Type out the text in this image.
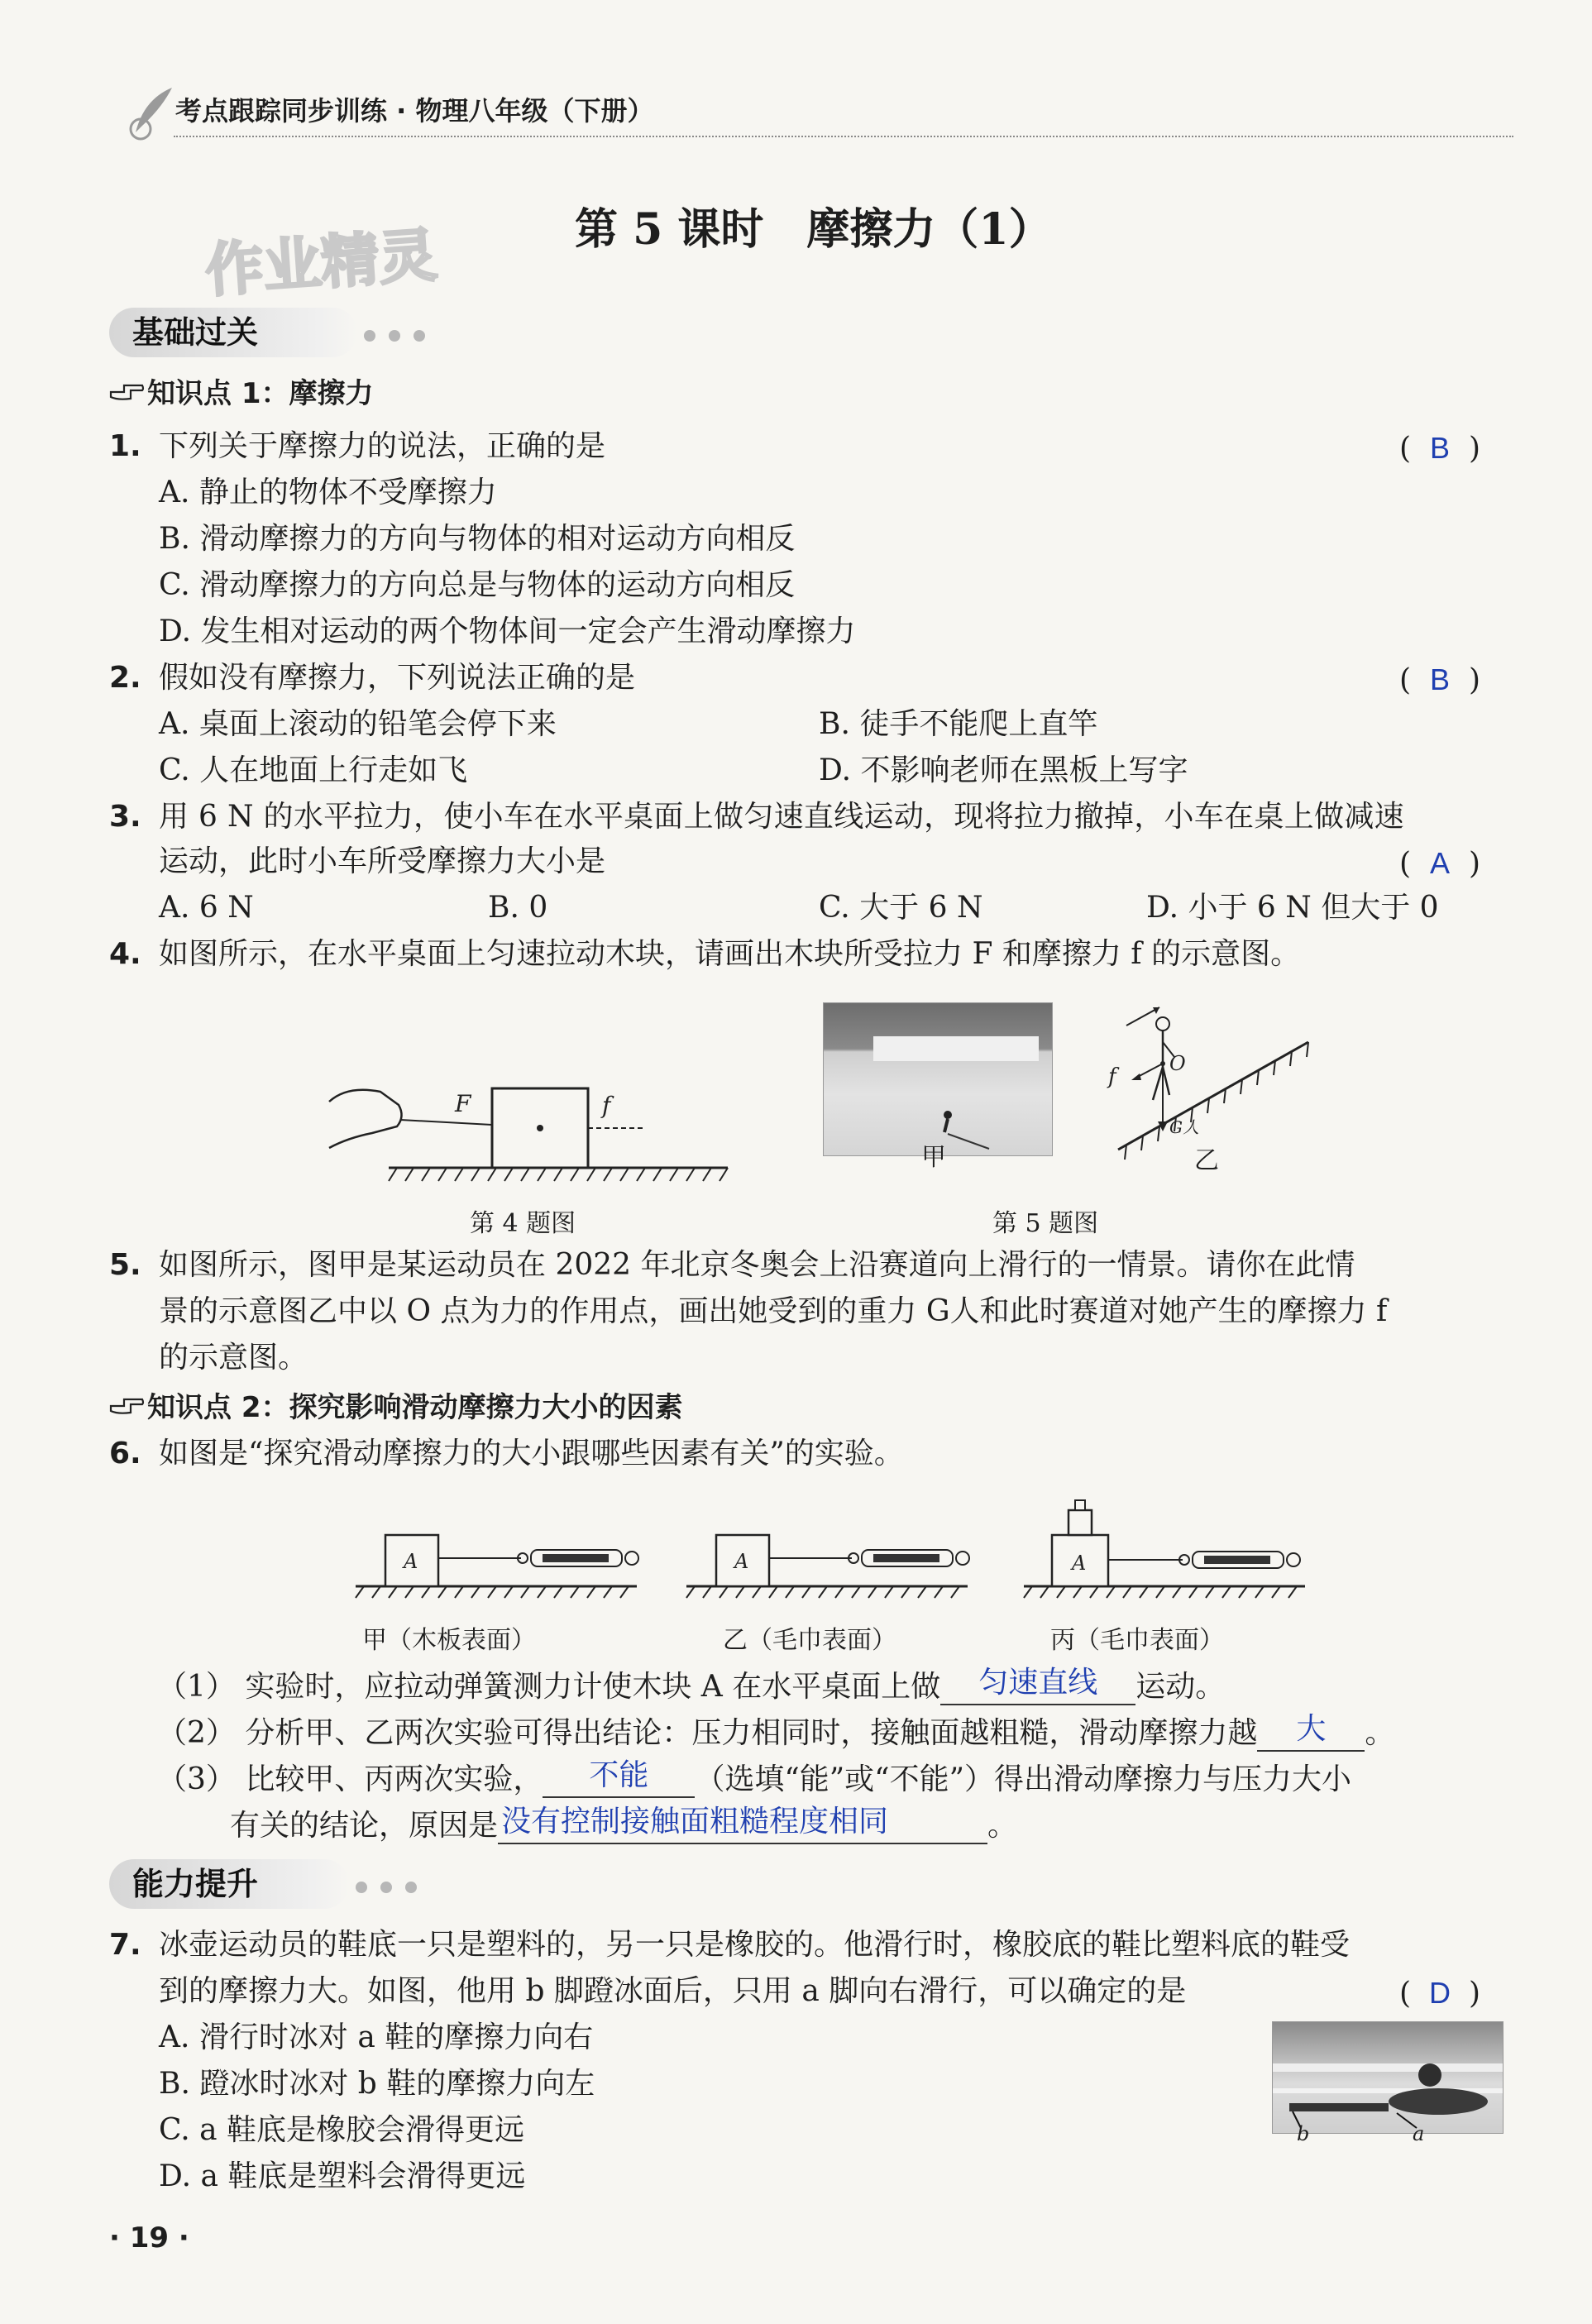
考点跟踪同步训练 · 物理八年级（下册）
作业精灵	第 5 课时　摩擦力（1）
基础过关
知识点 1：摩擦力
1. 下列关于摩擦力的说法，正确的是	( B )
A. 静止的物体不受摩擦力
B. 滑动摩擦力的方向与物体的相对运动方向相反
C. 滑动摩擦力的方向总是与物体的运动方向相反
D. 发生相对运动的两个物体间一定会产生滑动摩擦力
2. 假如没有摩擦力，下列说法正确的是	( B )
A. 桌面上滚动的铅笔会停下来	B. 徒手不能爬上直竿
C. 人在地面上行走如飞	D. 不影响老师在黑板上写字
3. 用 6 N 的水平拉力，使小车在水平桌面上做匀速直线运动，现将拉力撤掉，小车在桌上做减速
运动，此时小车所受摩擦力大小是	( A )
A. 6 N	B. 0	C. 大于 6 N	D. 小于 6 N 但大于 0
4. 如图所示，在水平桌面上匀速拉动木块，请画出木块所受拉力 F 和摩擦力 f 的示意图。
F	f
第 4 题图
甲
O
f
G人
乙
第 5 题图
5. 如图所示，图甲是某运动员在 2022 年北京冬奥会上沿赛道向上滑行的一情景。请你在此情
景的示意图乙中以 O 点为力的作用点，画出她受到的重力 G人和此时赛道对她产生的摩擦力 f
的示意图。
知识点 2：探究影响滑动摩擦力大小的因素
6. 如图是“探究滑动摩擦力的大小跟哪些因素有关”的实验。
A	A	A
甲（木板表面）	乙（毛巾表面）	丙（毛巾表面）
（1） 实验时，应拉动弹簧测力计使木块 A 在水平桌面上做 匀速直线 运动。
（2） 分析甲、乙两次实验可得出结论：压力相同时，接触面越粗糙，滑动摩擦力越 大 。
（3） 比较甲、丙两次实验， 不能 （选填“能”或“不能”）得出滑动摩擦力与压力大小
有关的结论，原因是 没有控制接触面粗糙程度相同	。
能力提升
7. 冰壶运动员的鞋底一只是塑料的，另一只是橡胶的。他滑行时，橡胶底的鞋比塑料底的鞋受
到的摩擦力大。如图，他用 b 脚蹬冰面后，只用 a 脚向右滑行，可以确定的是	( D )
A. 滑行时冰对 a 鞋的摩擦力向右
B. 蹬冰时冰对 b 鞋的摩擦力向左
C. a 鞋底是橡胶会滑得更远
D. a 鞋底是塑料会滑得更远
b	a
· 19 ·
